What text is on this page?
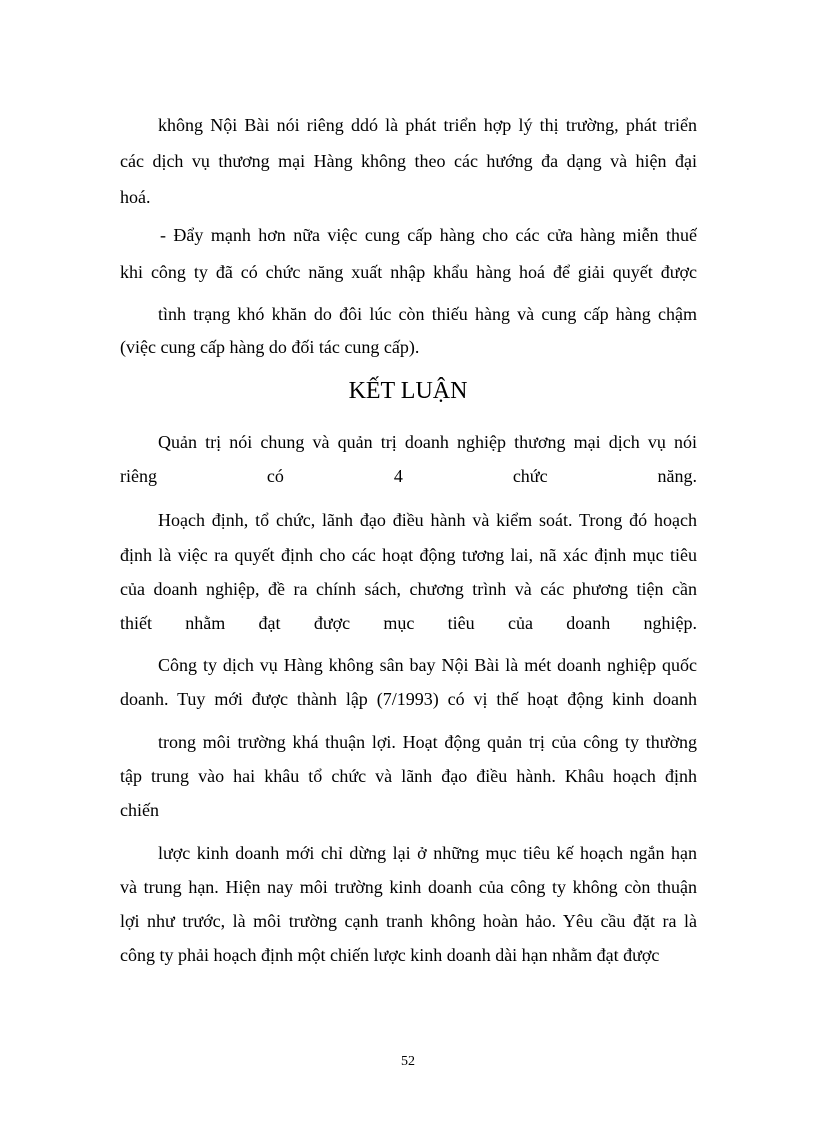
không Nội Bài nói riêng ddó là phát triển hợp lý thị trường, phát triển

các dịch vụ thương mại Hàng không theo các hướng đa dạng và hiện đại

hoá.

- Đẩy mạnh hơn nữa việc cung cấp hàng cho các cửa hàng miễn thuế

khi công ty đã có chức năng xuất nhập khẩu hàng hoá để giải quyết được

tình trạng khó khăn do đôi lúc còn thiếu hàng và cung cấp hàng chậm

(việc cung cấp hàng do đối tác cung cấp).

KẾT LUẬN

Quản trị nói chung và quản trị doanh nghiệp thương mại dịch vụ nói

riêng có 4 chức năng.

Hoạch định, tổ chức, lãnh đạo điều hành và kiểm soát. Trong đó hoạch

định là việc ra quyết định cho các hoạt động tương lai, nã xác định mục tiêu

của doanh nghiệp, đề ra chính sách, chương trình và các phương tiện cần

thiết nhằm đạt được mục tiêu của doanh nghiệp.

Công ty dịch vụ Hàng không sân bay Nội Bài là mét doanh nghiệp quốc

doanh. Tuy mới được thành lập (7/1993) có vị thế hoạt động kinh doanh

trong môi trường khá thuận lợi. Hoạt động quản trị của công ty thường

tập trung vào hai khâu tổ chức và lãnh đạo điều hành. Khâu hoạch định

chiến

lược kinh doanh mới chỉ dừng lại ở những mục tiêu kế hoạch ngắn hạn

và trung hạn. Hiện nay môi trường kinh doanh của công ty không còn thuận

lợi như trước, là môi trường cạnh tranh không hoàn hảo. Yêu cầu đặt ra là

công ty phải hoạch định một chiến lược kinh doanh dài hạn nhằm đạt được

52
